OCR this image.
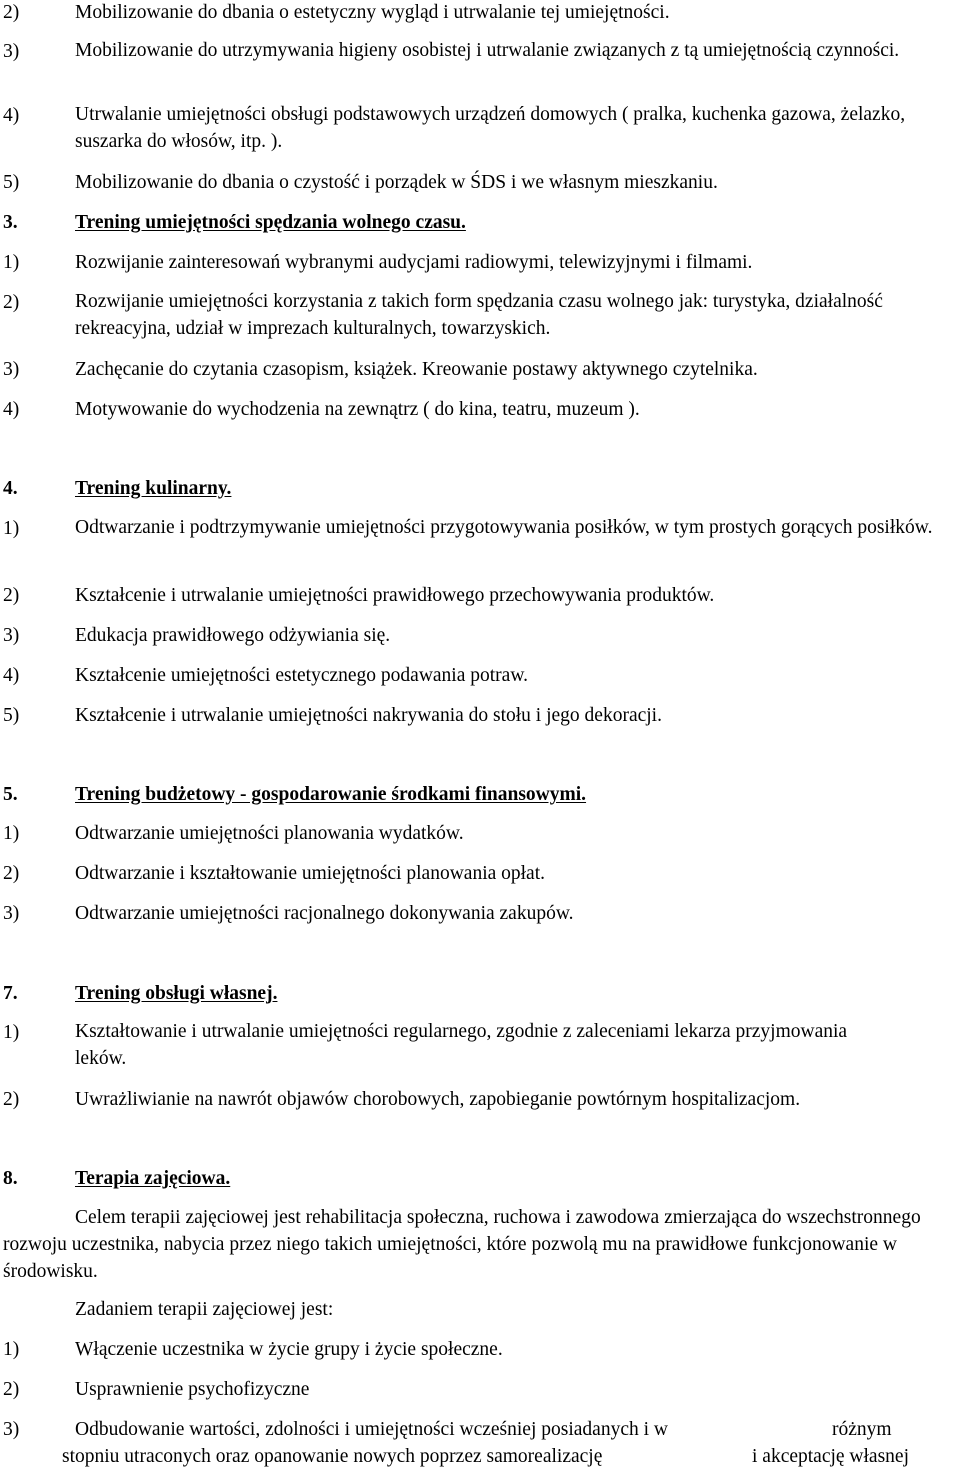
2)	Mobilizowanie do dbania o estetyczny wygląd i utrwalanie tej umiejętności.
3)	Mobilizowanie do utrzymywania higieny osobistej i utrwalanie związanych z tą umiejętnością czynności.
4)	Utrwalanie umiejętności obsługi podstawowych urządzeń domowych ( pralka, kuchenka gazowa, żelazko, suszarka do włosów, itp. ).
5)	Mobilizowanie do dbania o czystość i porządek w ŚDS i we własnym mieszkaniu.
3.	Trening umiejętności spędzania wolnego czasu.
1)	Rozwijanie zainteresowań wybranymi audycjami radiowymi, telewizyjnymi i filmami.
2)	Rozwijanie umiejętności korzystania z takich form spędzania czasu wolnego jak: turystyka, działalność rekreacyjna, udział w imprezach kulturalnych, towarzyskich.
3)	Zachęcanie do czytania czasopism, książek. Kreowanie postawy aktywnego czytelnika.
4)	Motywowanie do wychodzenia na zewnątrz ( do kina, teatru, muzeum ).
4.	Trening kulinarny.
1)	Odtwarzanie i podtrzymywanie umiejętności przygotowywania posiłków, w tym prostych gorących posiłków.
2)	Kształcenie i utrwalanie umiejętności prawidłowego przechowywania produktów.
3)	Edukacja prawidłowego odżywiania się.
4)	Kształcenie umiejętności estetycznego podawania potraw.
5)	Kształcenie i utrwalanie umiejętności nakrywania do stołu i jego dekoracji.
5.	Trening budżetowy - gospodarowanie środkami finansowymi.
1)	Odtwarzanie umiejętności planowania wydatków.
2)	Odtwarzanie i kształtowanie umiejętności planowania opłat.
3)	Odtwarzanie umiejętności racjonalnego dokonywania zakupów.
7.	Trening obsługi własnej.
1)	Kształtowanie i utrwalanie umiejętności regularnego, zgodnie z zaleceniami lekarza przyjmowania leków.
2)	Uwrażliwianie na nawrót objawów chorobowych, zapobieganie powtórnym hospitalizacjom.
8.	Terapia zajęciowa.
Celem terapii zajęciowej jest rehabilitacja społeczna, ruchowa i zawodowa zmierzająca do wszechstronnego rozwoju uczestnika, nabycia przez niego takich umiejętności, które pozwolą mu na prawidłowe funkcjonowanie w środowisku.
Zadaniem terapii zajęciowej jest:
1)	Włączenie uczestnika w życie grupy i życie społeczne.
2)	Usprawnienie psychofizyczne
3)	Odbudowanie wartości, zdolności i umiejętności wcześniej posiadanych i w	różnym
stopniu utraconych oraz opanowanie nowych poprzez samorealizację	i akceptację własnej
